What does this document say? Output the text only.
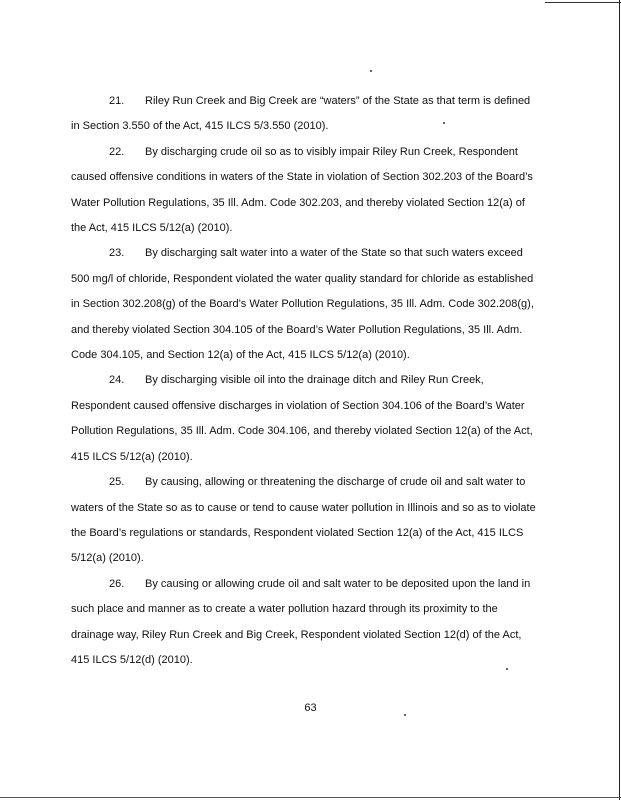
21. Riley Run Creek and Big Creek are “waters” of the State as that term is defined in Section 3.550 of the Act, 415 ILCS 5/3.550 (2010).

22. By discharging crude oil so as to visibly impair Riley Run Creek, Respondent caused offensive conditions in waters of the State in violation of Section 302.203 of the Board’s Water Pollution Regulations, 35 Ill. Adm. Code 302.203, and thereby violated Section 12(a) of the Act, 415 ILCS 5/12(a) (2010).

23. By discharging salt water into a water of the State so that such waters exceed 500 mg/l of chloride, Respondent violated the water quality standard for chloride as established in Section 302.208(g) of the Board’s Water Pollution Regulations, 35 Ill. Adm. Code 302.208(g), and thereby violated Section 304.105 of the Board’s Water Pollution Regulations, 35 Ill. Adm. Code 304.105, and Section 12(a) of the Act, 415 ILCS 5/12(a) (2010).

24. By discharging visible oil into the drainage ditch and Riley Run Creek, Respondent caused offensive discharges in violation of Section 304.106 of the Board’s Water Pollution Regulations, 35 Ill. Adm. Code 304.106, and thereby violated Section 12(a) of the Act, 415 ILCS 5/12(a) (2010).

25. By causing, allowing or threatening the discharge of crude oil and salt water to waters of the State so as to cause or tend to cause water pollution in Illinois and so as to violate the Board’s regulations or standards, Respondent violated Section 12(a) of the Act, 415 ILCS 5/12(a) (2010).

26. By causing or allowing crude oil and salt water to be deposited upon the land in such place and manner as to create a water pollution hazard through its proximity to the drainage way, Riley Run Creek and Big Creek, Respondent violated Section 12(d) of the Act, 415 ILCS 5/12(d) (2010).

63
